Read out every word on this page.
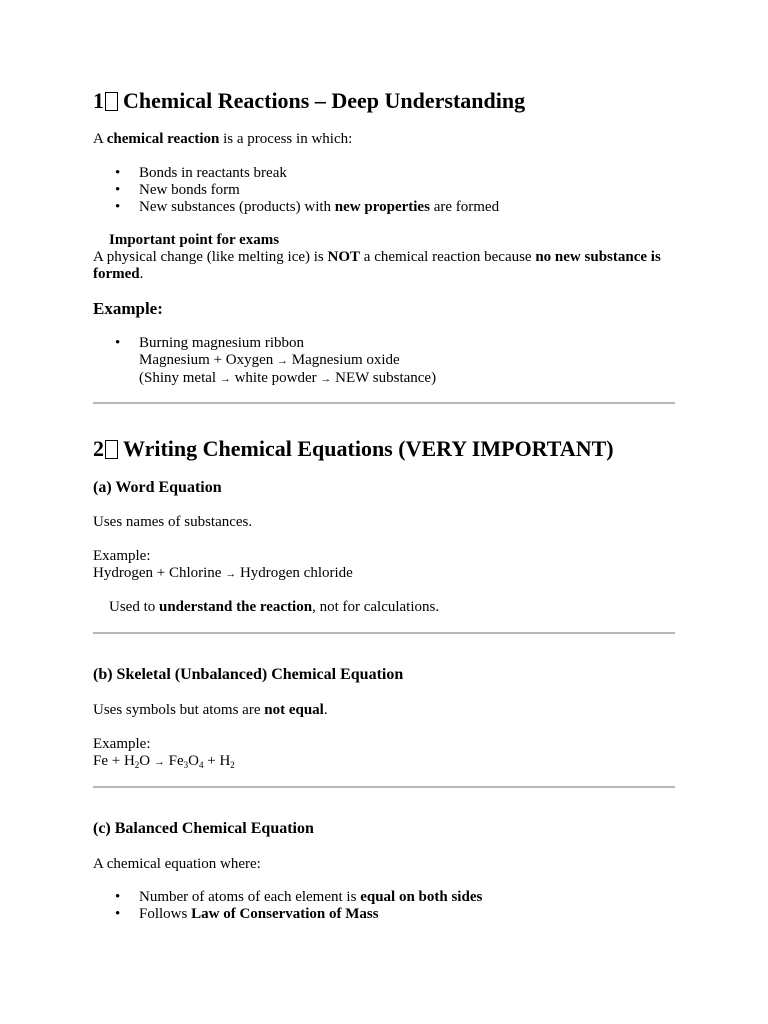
1 Chemical Reactions – Deep Understanding

A chemical reaction is a process in which:

• Bonds in reactants break
• New bonds form
• New substances (products) with new properties are formed
Important point for exams
A physical change (like melting ice) is NOT a chemical reaction because no new substance is formed.
Example:
• Burning magnesium ribbon
Magnesium + Oxygen → Magnesium oxide
(Shiny metal → white powder → NEW substance)
2 Writing Chemical Equations (VERY IMPORTANT)
(a) Word Equation

Uses names of substances.

Example:
Hydrogen + Chlorine → Hydrogen chloride

Used to understand the reaction, not for calculations.

(b) Skeletal (Unbalanced) Chemical Equation

Uses symbols but atoms are not equal.

Example:
$Fe + H_2O \to Fe_3O_4 + H_2$
(c) Balanced Chemical Equation

A chemical equation where:

• Number of atoms of each element is equal on both sides
• Follows Law of Conservation of Mass
